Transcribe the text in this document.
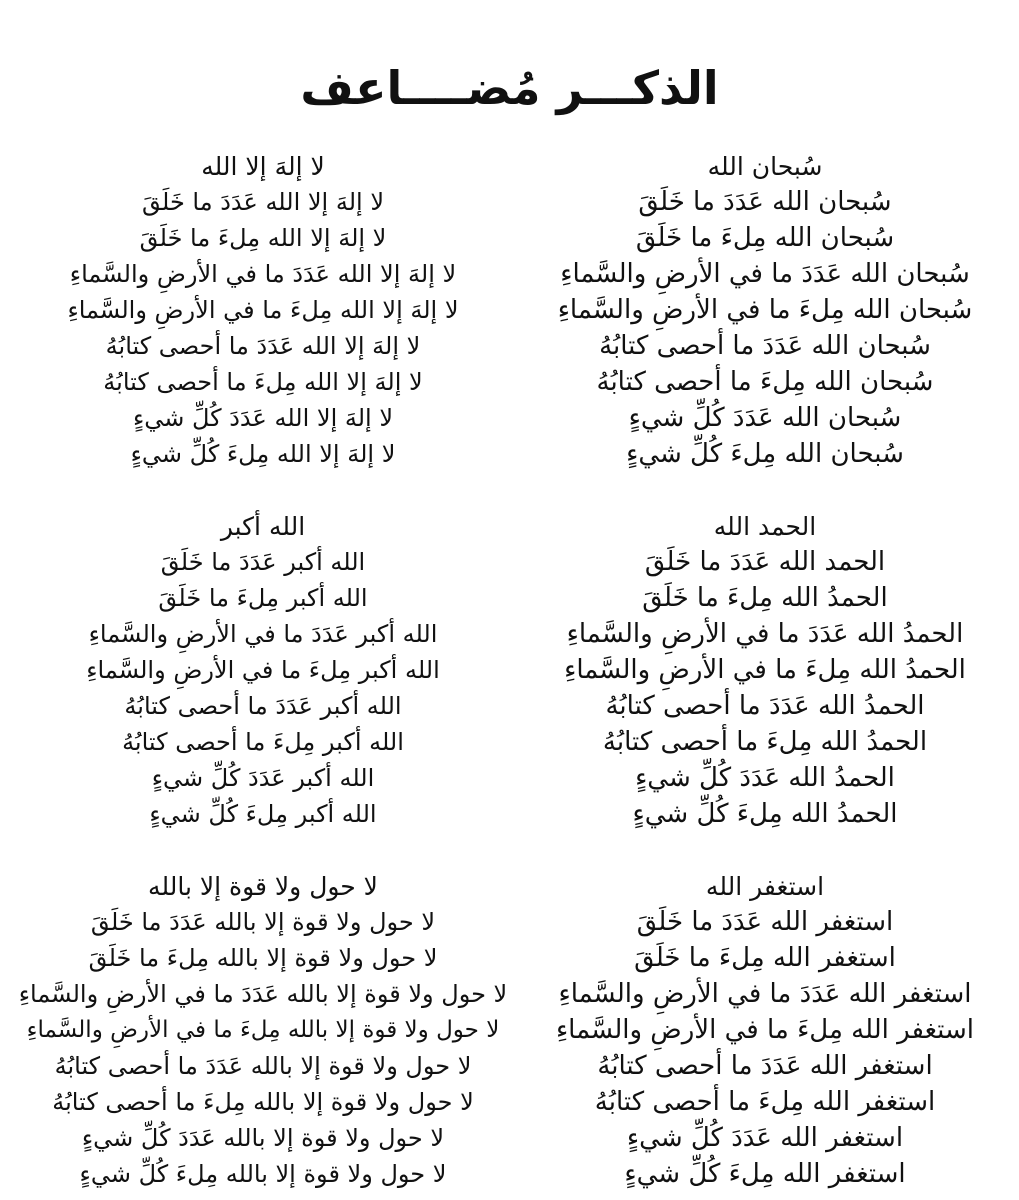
الذكـــر مُضــــاعف
سُبحان الله
سُبحان الله عَدَدَ ما خَلَقَ
سُبحان الله مِلءَ ما خَلَقَ
سُبحان الله عَدَدَ ما في الأرضِ والسَّماءِ
سُبحان الله مِلءَ ما في الأرضِ والسَّماءِ
سُبحان الله عَدَدَ ما أحصى كتابُهُ
سُبحان الله مِلءَ ما أحصى كتابُهُ
سُبحان الله عَدَدَ كُلِّ شيءٍ
سُبحان الله مِلءَ كُلِّ شيءٍ
لا إلهَ إلا الله
لا إلهَ إلا الله عَدَدَ ما خَلَقَ
لا إلهَ إلا الله مِلءَ ما خَلَقَ
لا إلهَ إلا الله عَدَدَ ما في الأرضِ والسَّماءِ
لا إلهَ إلا الله مِلءَ ما في الأرضِ والسَّماءِ
لا إلهَ إلا الله عَدَدَ ما أحصى كتابُهُ
لا إلهَ إلا الله مِلءَ ما أحصى كتابُهُ
لا إلهَ إلا الله عَدَدَ كُلِّ شيءٍ
لا إلهَ إلا الله مِلءَ كُلِّ شيءٍ
الحمد الله
الحمد الله عَدَدَ ما خَلَقَ
الحمدُ الله مِلءَ ما خَلَقَ
الحمدُ الله عَدَدَ ما في الأرضِ والسَّماءِ
الحمدُ الله مِلءَ ما في الأرضِ والسَّماءِ
الحمدُ الله عَدَدَ ما أحصى كتابُهُ
الحمدُ الله مِلءَ ما أحصى كتابُهُ
الحمدُ الله عَدَدَ كُلِّ شيءٍ
الحمدُ الله مِلءَ كُلِّ شيءٍ
الله أكبر
الله أكبر عَدَدَ ما خَلَقَ
الله أكبر مِلءَ ما خَلَقَ
الله أكبر عَدَدَ ما في الأرضِ والسَّماءِ
الله أكبر مِلءَ ما في الأرضِ والسَّماءِ
الله أكبر عَدَدَ ما أحصى كتابُهُ
الله أكبر مِلءَ ما أحصى كتابُهُ
الله أكبر عَدَدَ كُلِّ شيءٍ
الله أكبر مِلءَ كُلِّ شيءٍ
استغفر الله
استغفر الله عَدَدَ ما خَلَقَ
استغفر الله مِلءَ ما خَلَقَ
استغفر الله عَدَدَ ما في الأرضِ والسَّماءِ
استغفر الله مِلءَ ما في الأرضِ والسَّماءِ
استغفر الله عَدَدَ ما أحصى كتابُهُ
استغفر الله مِلءَ ما أحصى كتابُهُ
استغفر الله عَدَدَ كُلِّ شيءٍ
استغفر الله مِلءَ كُلِّ شيءٍ
لا حول ولا قوة إلا بالله
لا حول ولا قوة إلا بالله عَدَدَ ما خَلَقَ
لا حول ولا قوة إلا بالله مِلءَ ما خَلَقَ
لا حول ولا قوة إلا بالله عَدَدَ ما في الأرضِ والسَّماءِ
لا حول ولا قوة إلا بالله مِلءَ ما في الأرضِ والسَّماءِ
لا حول ولا قوة إلا بالله عَدَدَ ما أحصى كتابُهُ
لا حول ولا قوة إلا بالله مِلءَ ما أحصى كتابُهُ
لا حول ولا قوة إلا بالله عَدَدَ كُلِّ شيءٍ
لا حول ولا قوة إلا بالله مِلءَ كُلِّ شيءٍ
